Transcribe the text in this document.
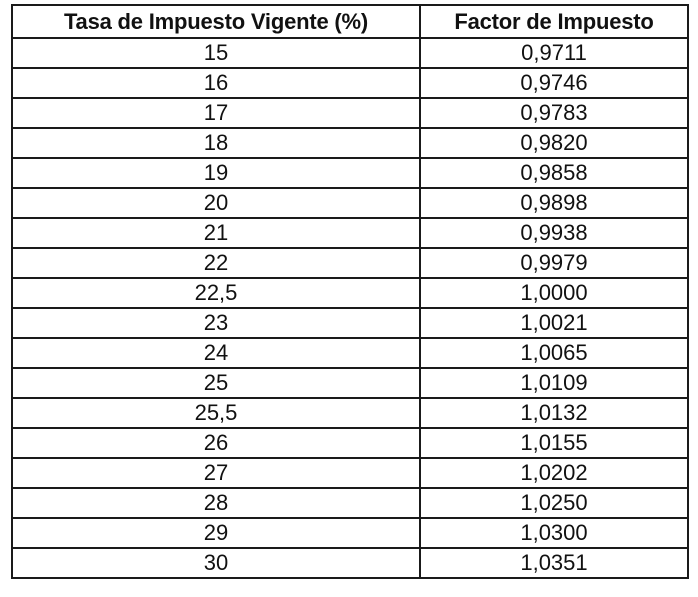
Tasa de Impuesto Vigente (%)	Factor de Impuesto
15	0,9711
16	0,9746
17	0,9783
18	0,9820
19	0,9858
20	0,9898
21	0,9938
22	0,9979
22,5	1,0000
23	1,0021
24	1,0065
25	1,0109
25,5	1,0132
26	1,0155
27	1,0202
28	1,0250
29	1,0300
30	1,0351
